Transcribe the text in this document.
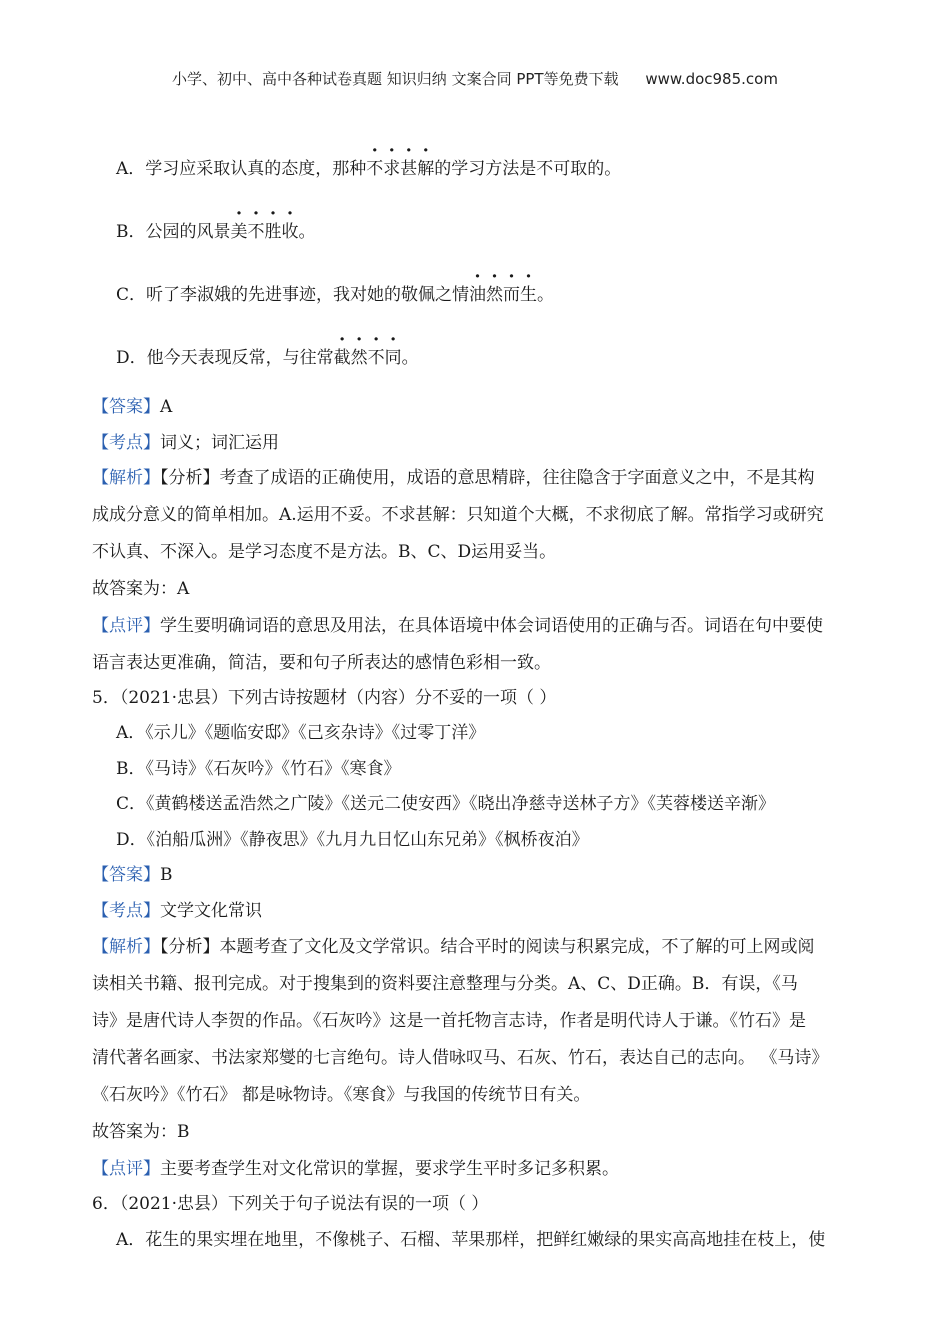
小学、初中、高中各种试卷真题 知识归纳 文案合同 PPT等免费下载 www.doc985.com
A．学习应采取认真的态度，那种不求甚解的学习方法是不可取的。
B．公园的风景美不胜收。
C．听了李淑娥的先进事迹，我对她的敬佩之情油然而生。
D．他今天表现反常，与往常截然不同。
【答案】A
【考点】词义；词汇运用
【解析】【分析】考查了成语的正确使用，成语的意思精辟，往往隐含于字面意义之中，不是其构
成成分意义的简单相加。A.运用不妥。不求甚解：只知道个大概，不求彻底了解。常指学习或研究
不认真、不深入。是学习态度不是方法。B、C、D运用妥当。
故答案为：A
【点评】学生要明确词语的意思及用法，在具体语境中体会词语使用的正确与否。词语在句中要使
语言表达更准确，简洁，要和句子所表达的感情色彩相一致。
5．（2021·忠县）下列古诗按题材（内容）分不妥的一项（ ）
A．《示儿》《题临安邸》《己亥杂诗》《过零丁洋》
B．《马诗》《石灰吟》《竹石》《寒食》
C．《黄鹤楼送孟浩然之广陵》《送元二使安西》《晓出净慈寺送林子方》《芙蓉楼送辛渐》
D．《泊船瓜洲》《静夜思》《九月九日忆山东兄弟》《枫桥夜泊》
【答案】B
【考点】文学文化常识
【解析】【分析】本题考查了文化及文学常识。结合平时的阅读与积累完成，不了解的可上网或阅
读相关书籍、报刊完成。对于搜集到的资料要注意整理与分类。A、C、D正确。B．有误，《马
诗》是唐代诗人李贺的作品。《石灰吟》这是一首托物言志诗，作者是明代诗人于谦。《竹石》是
清代著名画家、书法家郑燮的七言绝句。诗人借咏叹马、石灰、竹石，表达自己的志向。 《马诗》
《石灰吟》《竹石》 都是咏物诗。《寒食》与我国的传统节日有关。
故答案为：B
【点评】主要考查学生对文化常识的掌握，要求学生平时多记多积累。
6．（2021·忠县）下列关于句子说法有误的一项（ ）
A．花生的果实埋在地里，不像桃子、石榴、苹果那样，把鲜红嫩绿的果实高高地挂在枝上，使
